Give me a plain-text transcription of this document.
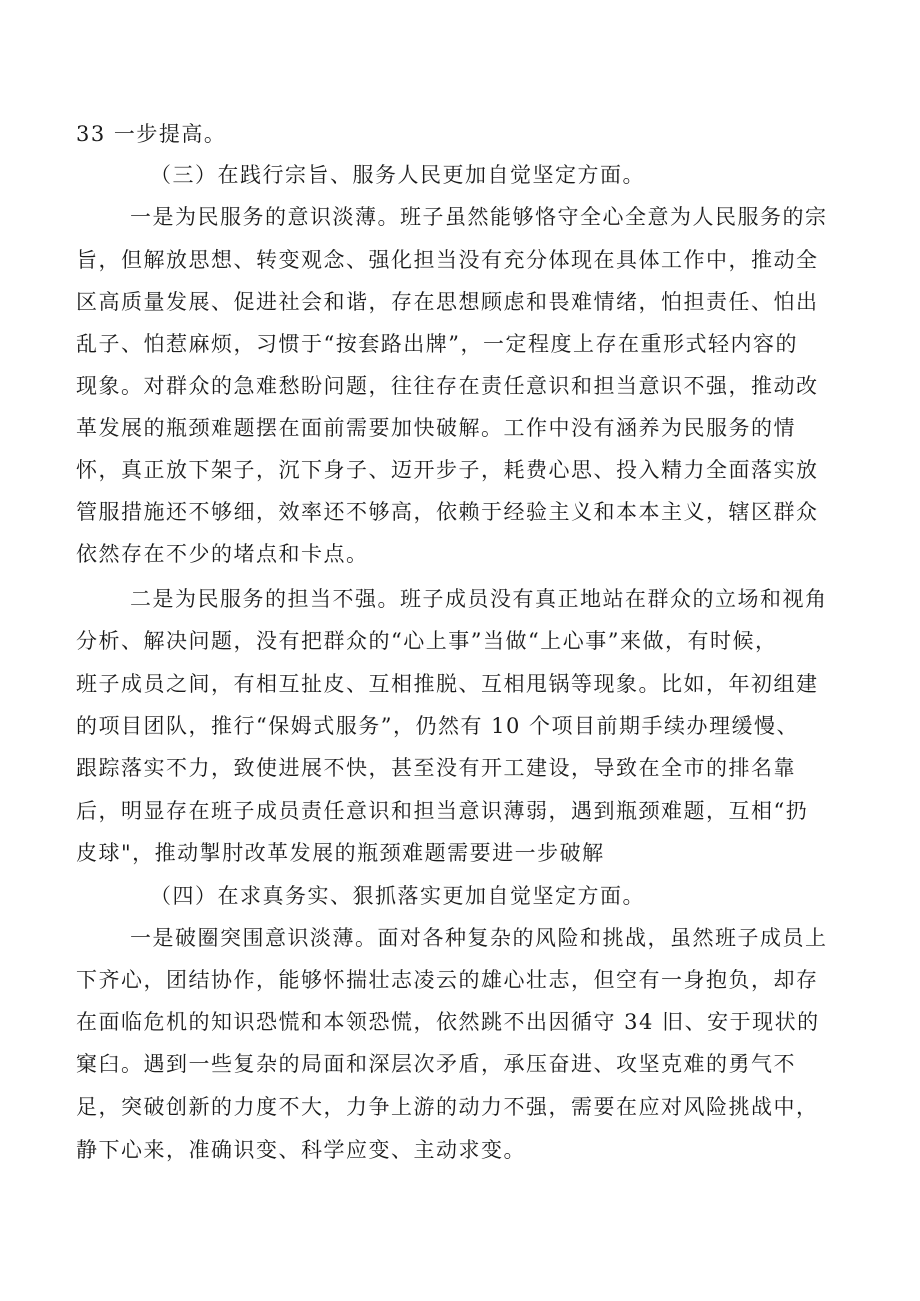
33 一步提高。
（三）在践行宗旨、服务人民更加自觉坚定方面。
一是为民服务的意识淡薄。班子虽然能够恪守全心全意为人民服务的宗
旨，但解放思想、转变观念、强化担当没有充分体现在具体工作中，推动全
区高质量发展、促进社会和谐，存在思想顾虑和畏难情绪，怕担责任、怕出
乱子、怕惹麻烦，习惯于“按套路出牌”，一定程度上存在重形式轻内容的
现象。对群众的急难愁盼问题，往往存在责任意识和担当意识不强，推动改
革发展的瓶颈难题摆在面前需要加快破解。工作中没有涵养为民服务的情
怀，真正放下架子，沉下身子、迈开步子，耗费心思、投入精力全面落实放
管服措施还不够细，效率还不够高，依赖于经验主义和本本主义，辖区群众
依然存在不少的堵点和卡点。
二是为民服务的担当不强。班子成员没有真正地站在群众的立场和视角
分析、解决问题，没有把群众的“心上事”当做“上心事”来做，有时候，
班子成员之间，有相互扯皮、互相推脱、互相甩锅等现象。比如，年初组建
的项目团队，推行“保姆式服务”，仍然有 10 个项目前期手续办理缓慢、
跟踪落实不力，致使进展不快，甚至没有开工建设，导致在全市的排名靠
后，明显存在班子成员责任意识和担当意识薄弱，遇到瓶颈难题，互相“扔
皮球"，推动掣肘改革发展的瓶颈难题需要进一步破解
（四）在求真务实、狠抓落实更加自觉坚定方面。
一是破圈突围意识淡薄。面对各种复杂的风险和挑战，虽然班子成员上
下齐心，团结协作，能够怀揣壮志凌云的雄心壮志，但空有一身抱负，却存
在面临危机的知识恐慌和本领恐慌，依然跳不出因循守 34 旧、安于现状的
窠臼。遇到一些复杂的局面和深层次矛盾，承压奋进、攻坚克难的勇气不
足，突破创新的力度不大，力争上游的动力不强，需要在应对风险挑战中，
静下心来，准确识变、科学应变、主动求变。
